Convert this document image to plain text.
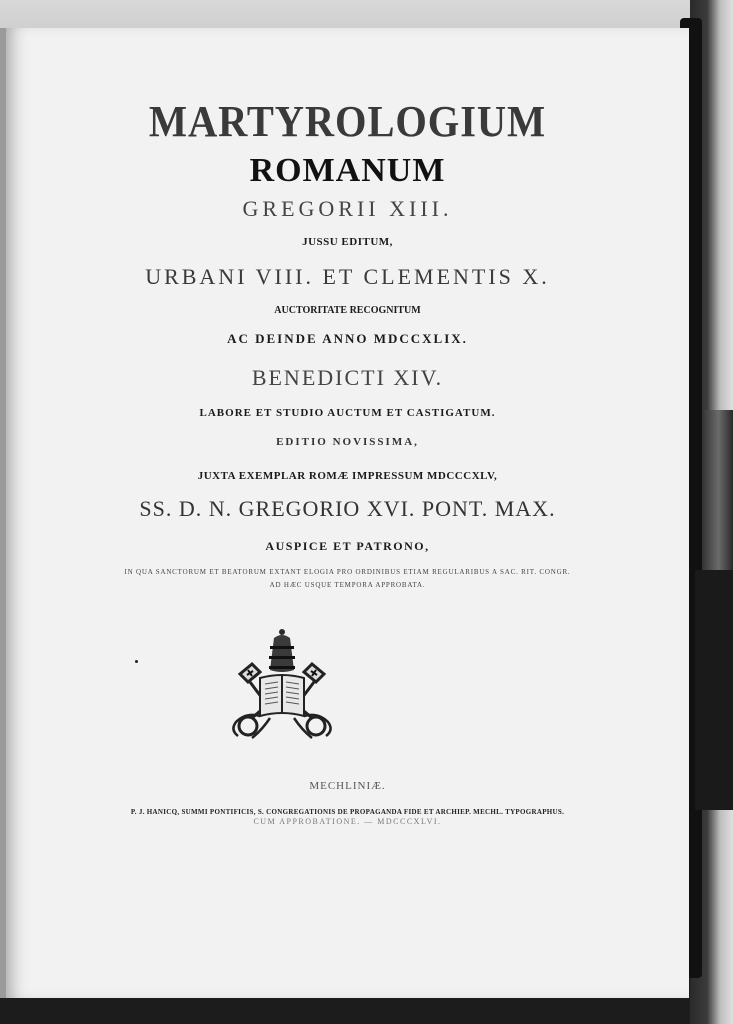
MARTYROLOGIUM
ROMANUM
GREGORII XIII.
JUSSU EDITUM,
URBANI VIII. ET CLEMENTIS X.
AUCTORITATE RECOGNITUM
AC DEINDE ANNO MDCCXLIX.
BENEDICTI XIV.
LABORE ET STUDIO AUCTUM ET CASTIGATUM.
EDITIO NOVISSIMA,
JUXTA EXEMPLAR ROMÆ IMPRESSUM MDCCCXLV,
SS. D. N. GREGORIO XVI. PONT. MAX.
AUSPICE ET PATRONO,
IN QUA SANCTORUM ET BEATORUM EXTANT ELOGIA PRO ORDINIBUS ETIAM REGULARIBUS A SAC. RIT. CONGR.
AD HÆC USQUE TEMPORA APPROBATA.
MECHLINIÆ.
P. J. HANICQ, SUMMI PONTIFICIS, S. CONGREGATIONIS DE PROPAGANDA FIDE ET ARCHIEP. MECHL. TYPOGRAPHUS.
CUM APPROBATIONE. — MDCCCXLVI.
